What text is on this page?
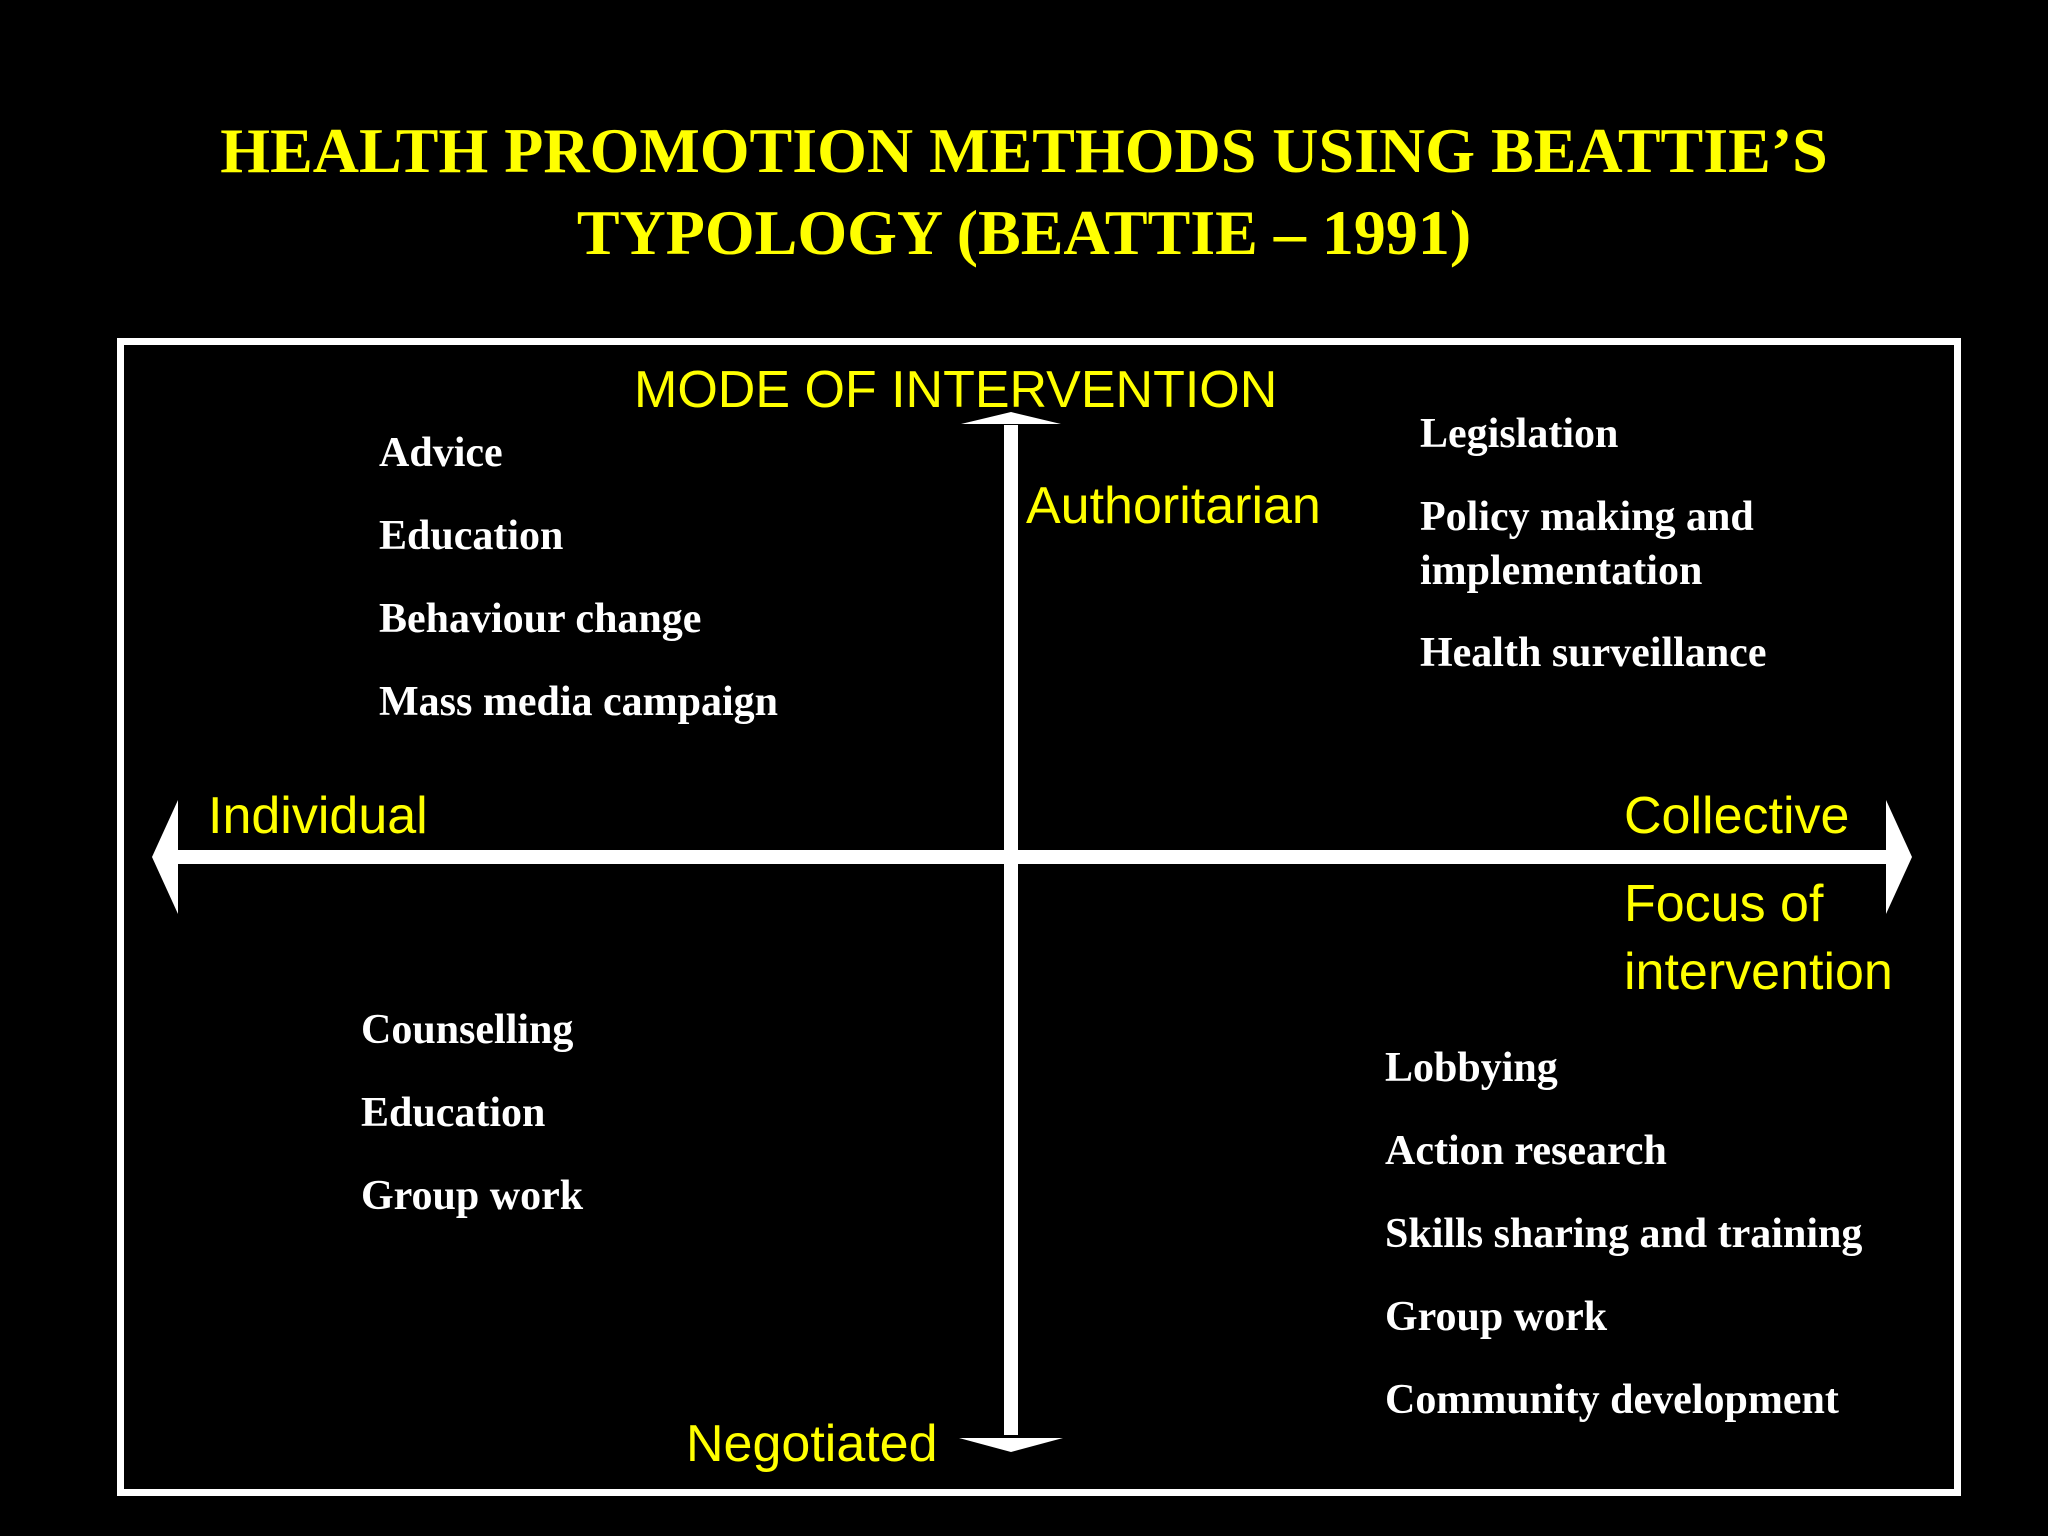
HEALTH PROMOTION METHODS USING BEATTIE’S
TYPOLOGY (BEATTIE – 1991)
MODE OF INTERVENTION
Authoritarian
Negotiated
Individual	Collective
Focus of
intervention
Advice
Education
Behaviour change
Mass media campaign
Legislation
Policy making and implementation
Health surveillance
Counselling
Education
Group work
Lobbying
Action research
Skills sharing and training
Group work
Community development
